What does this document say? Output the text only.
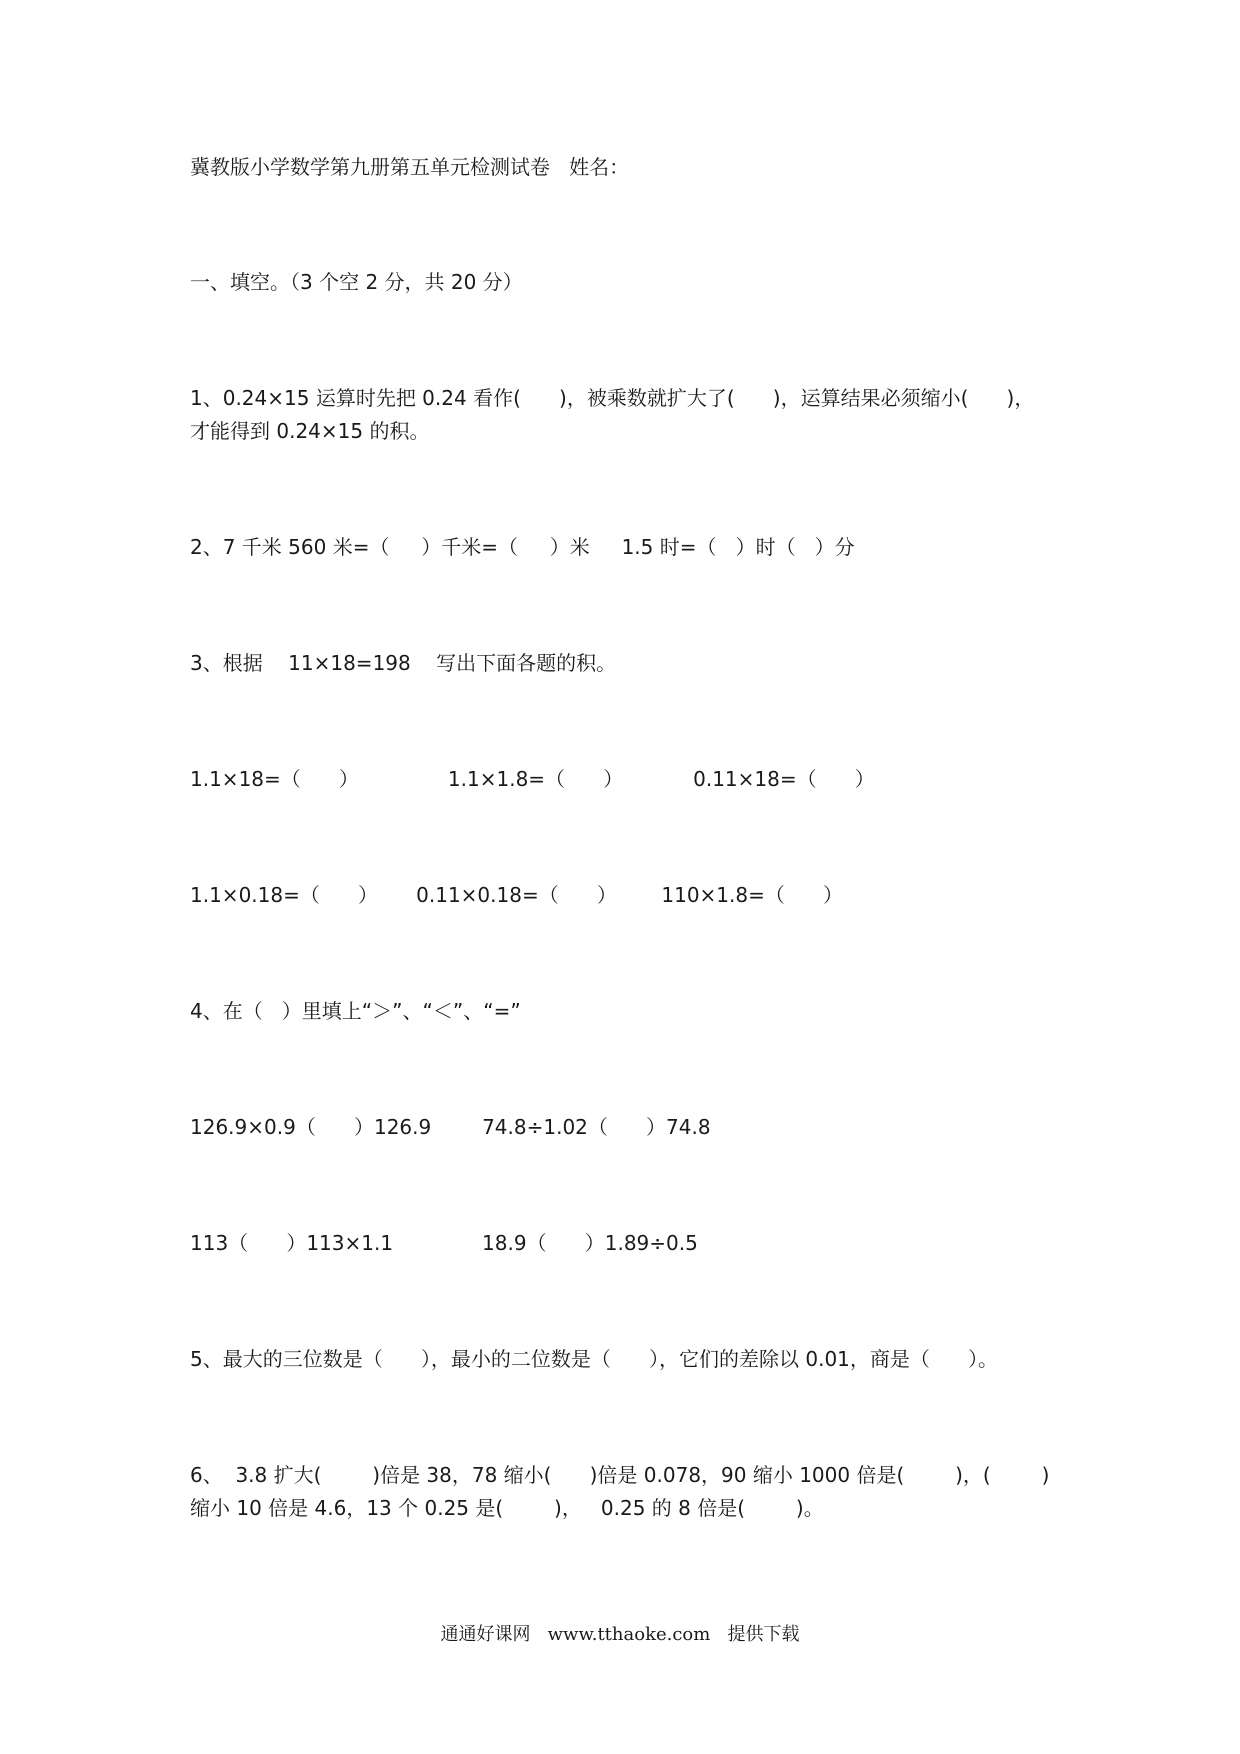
冀教版小学数学第九册第五单元检测试卷   姓名：
一、填空。（3 个空 2 分，共 20 分）
1、0.24×15 运算时先把 0.24 看作(      )，被乘数就扩大了(      )，运算结果必须缩小(      )，
才能得到 0.24×15 的积。
2、7 千米 560 米=（     ）千米=（     ）米     1.5 时=（   ）时（   ）分
3、根据    11×18=198    写出下面各题的积。
1.1×18=（      ）              1.1×1.8=（      ）           0.11×18=（      ）
1.1×0.18=（      ）      0.11×0.18=（      ）       110×1.8=（      ）
4、在（   ）里填上“＞”、“＜”、“=”
126.9×0.9（      ）126.9        74.8÷1.02（      ）74.8
113（      ）113×1.1              18.9（      ）1.89÷0.5
5、最大的三位数是（      ），最小的二位数是（      ），它们的差除以 0.01，商是（      ）。
6、  3.8 扩大(        )倍是 38，78 缩小(      )倍是 0.078，90 缩小 1000 倍是(        )，(        )
缩小 10 倍是 4.6，13 个 0.25 是(        )，   0.25 的 8 倍是(        )。
通通好课网   www.tthaoke.com   提供下载
